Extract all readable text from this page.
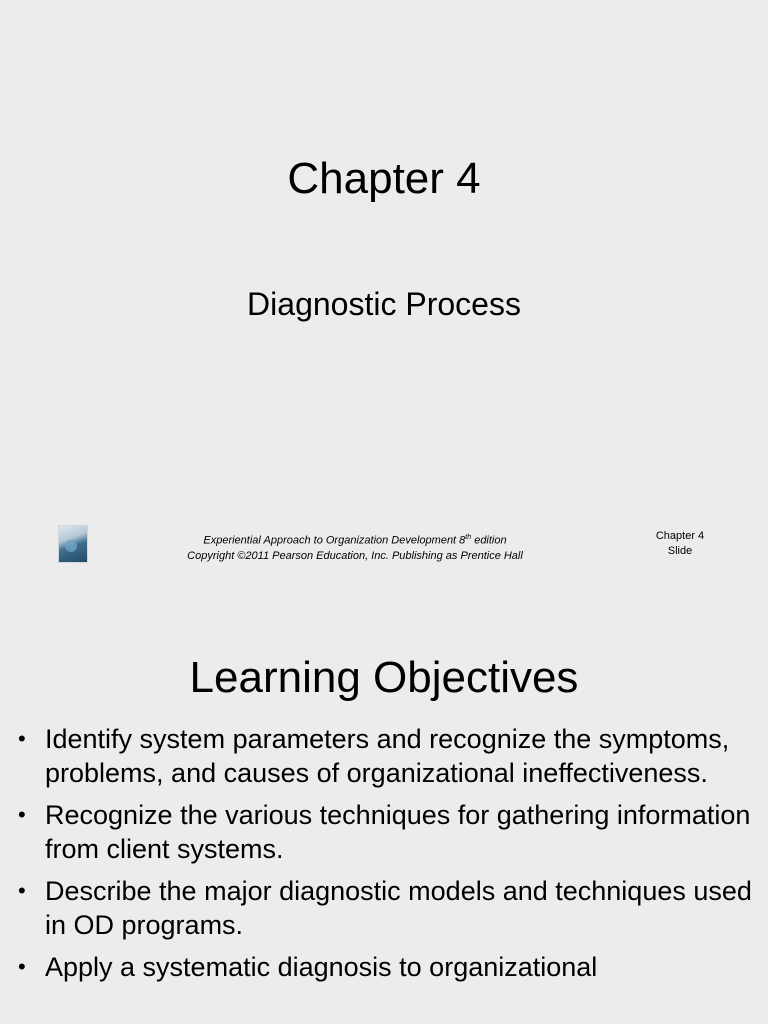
Chapter 4
Diagnostic Process
Experiential Approach to Organization Development 8th edition
Copyright ©2011 Pearson Education, Inc. Publishing as Prentice Hall
Chapter 4
Slide
Learning Objectives
• Identify system parameters and recognize the symptoms, problems, and causes of organizational ineffectiveness.
• Recognize the various techniques for gathering information from client systems.
• Describe the major diagnostic models and techniques used in OD programs.
• Apply a systematic diagnosis to organizational
